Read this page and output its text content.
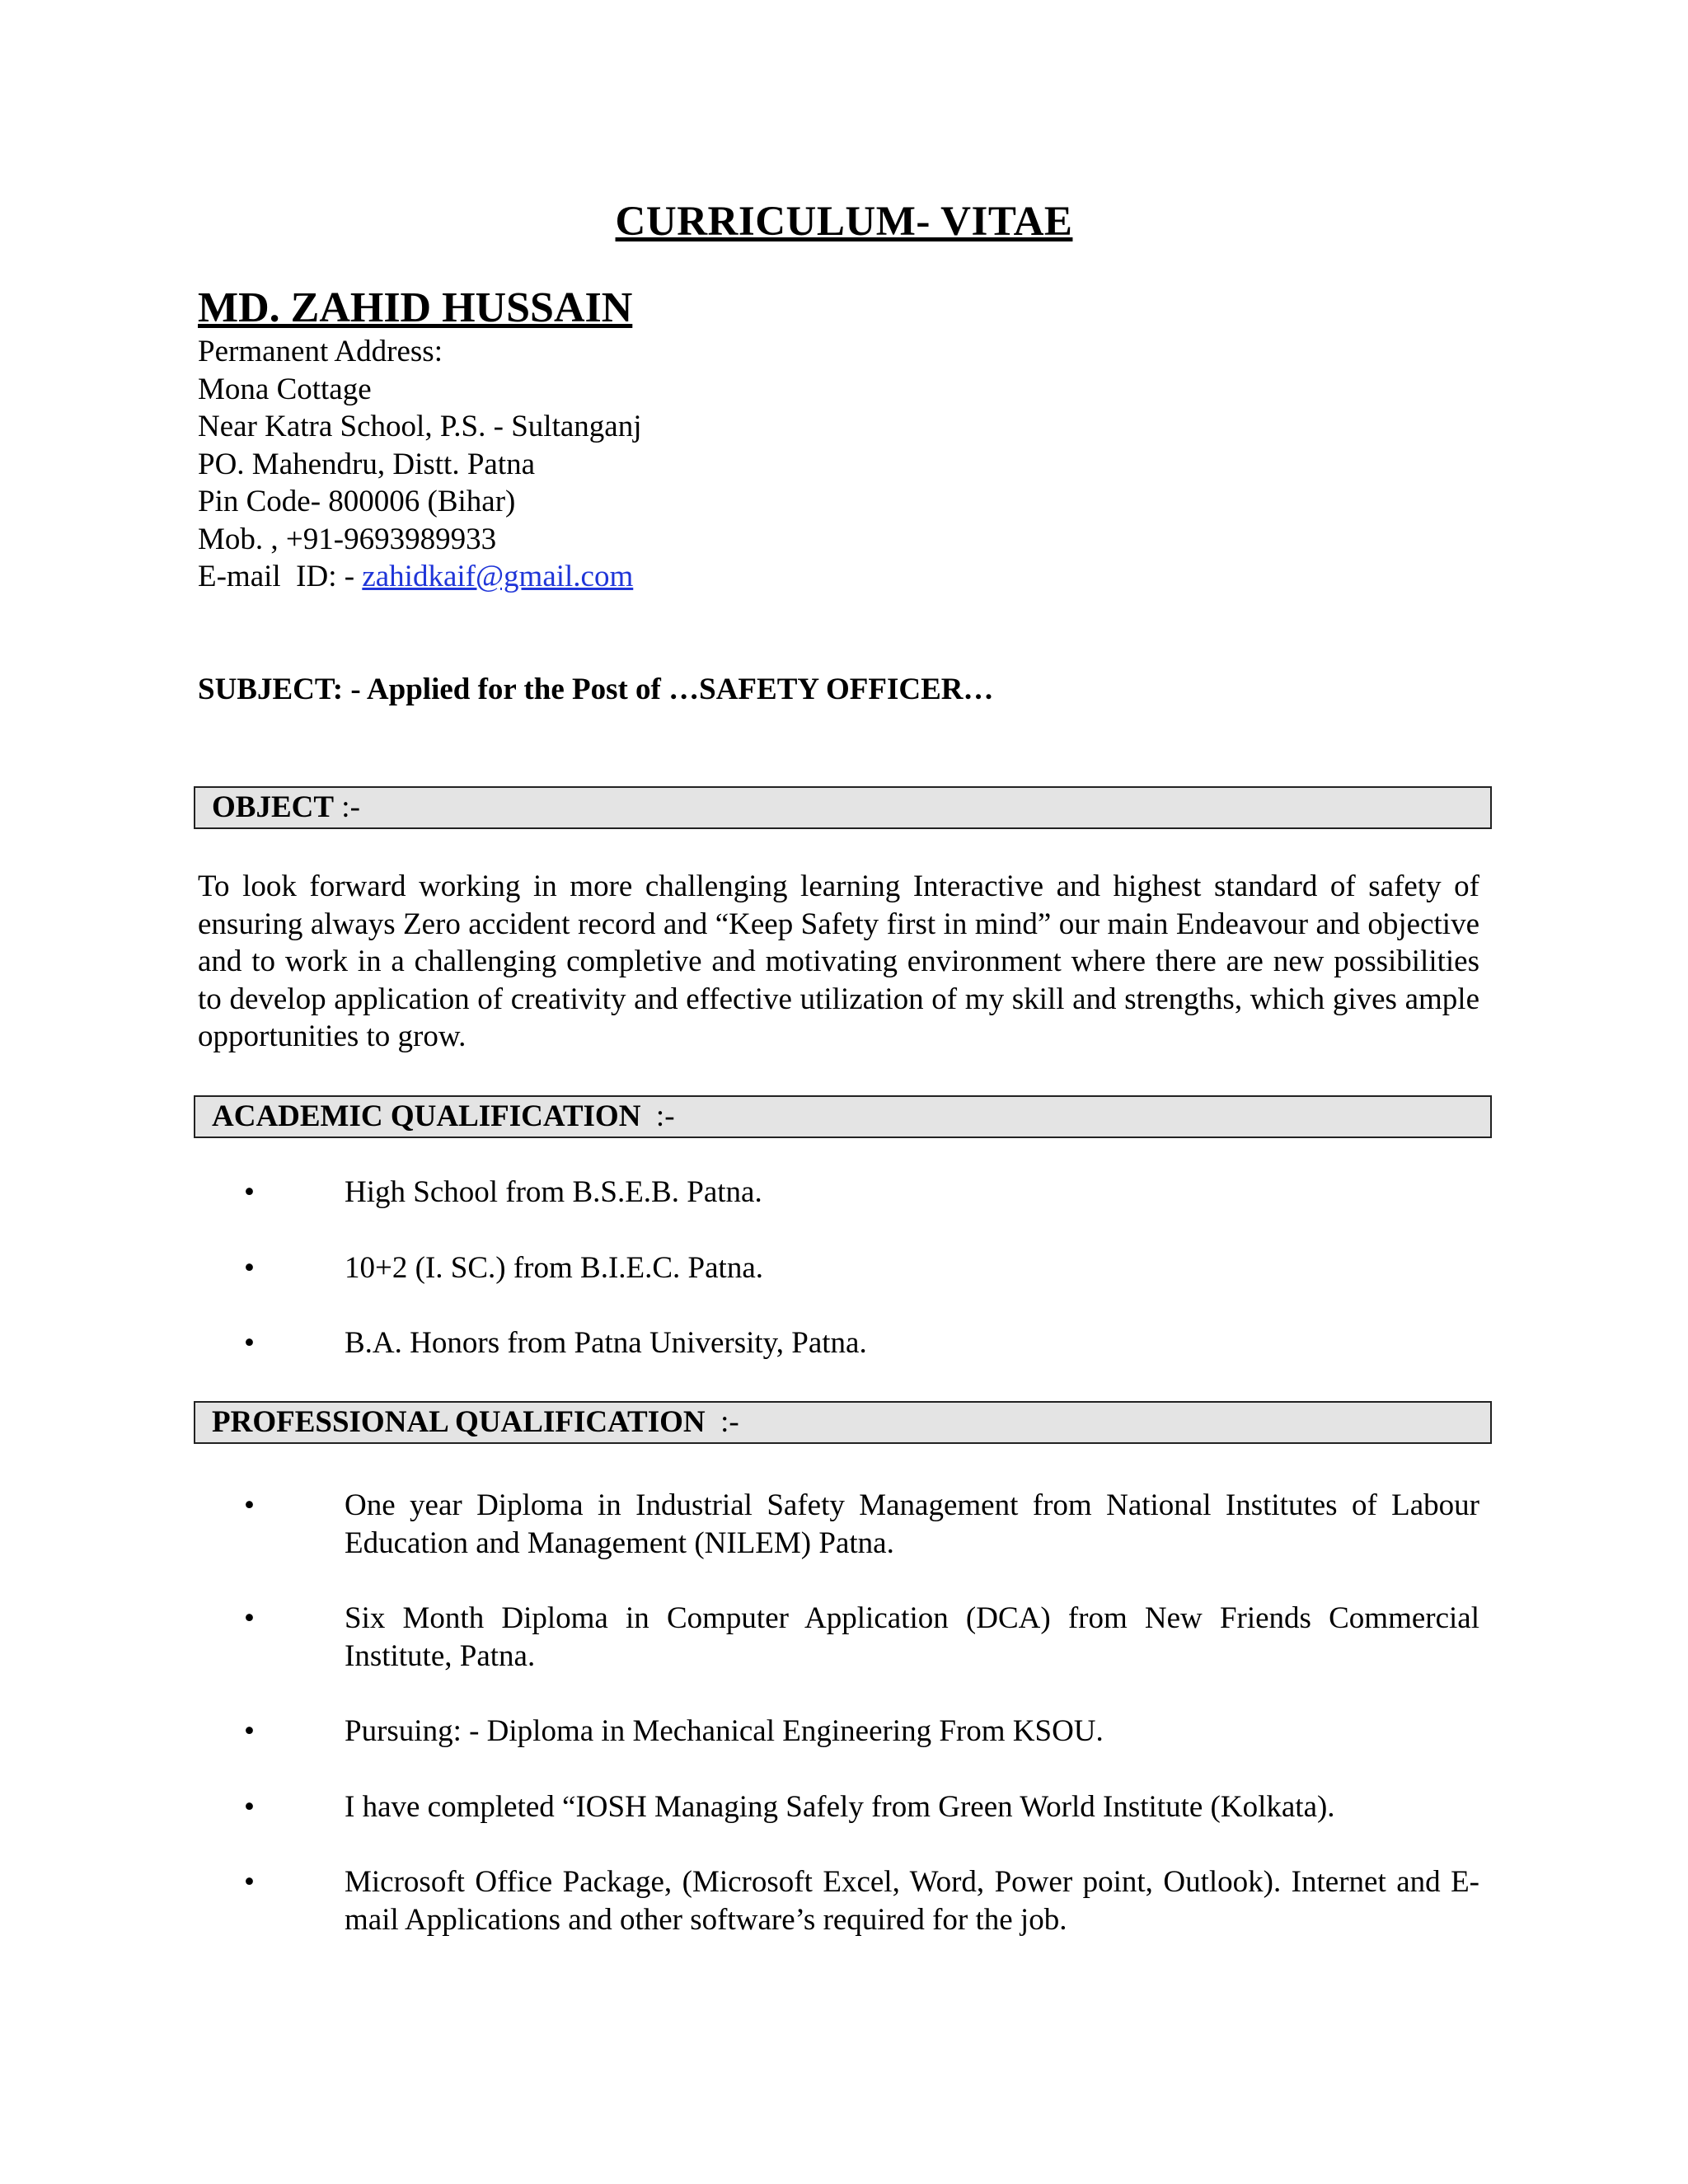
CURRICULUM- VITAE
MD. ZAHID HUSSAIN
Permanent Address:
Mona Cottage
Near Katra School, P.S. - Sultanganj
PO. Mahendru, Distt. Patna
Pin Code- 800006 (Bihar)
Mob. , +91-9693989933
E-mail  ID: - zahidkaif@gmail.com
SUBJECT: - Applied for the Post of …SAFETY OFFICER…
OBJECT :-
To look forward working in more challenging learning Interactive and highest standard of safety of ensuring always Zero accident record and “Keep Safety first in mind” our main Endeavour and objective and to work in a challenging completive and motivating environment where there are new possibilities to develop application of creativity and effective utilization of my skill and strengths, which gives ample opportunities to grow.
ACADEMIC QUALIFICATION  :-
•	High School from B.S.E.B. Patna.
•	10+2 (I. SC.) from B.I.E.C. Patna.
•	B.A. Honors from Patna University, Patna.
PROFESSIONAL QUALIFICATION  :-
•	One year Diploma in Industrial Safety Management from National Institutes of Labour Education and Management (NILEM) Patna.
•	Six Month Diploma in Computer Application (DCA) from New Friends Commercial Institute, Patna.
•	Pursuing: - Diploma in Mechanical Engineering From KSOU.
•	I have completed “IOSH Managing Safely from Green World Institute (Kolkata).
•	Microsoft Office Package, (Microsoft Excel, Word, Power point, Outlook). Internet and E-mail Applications and other software’s required for the job.
